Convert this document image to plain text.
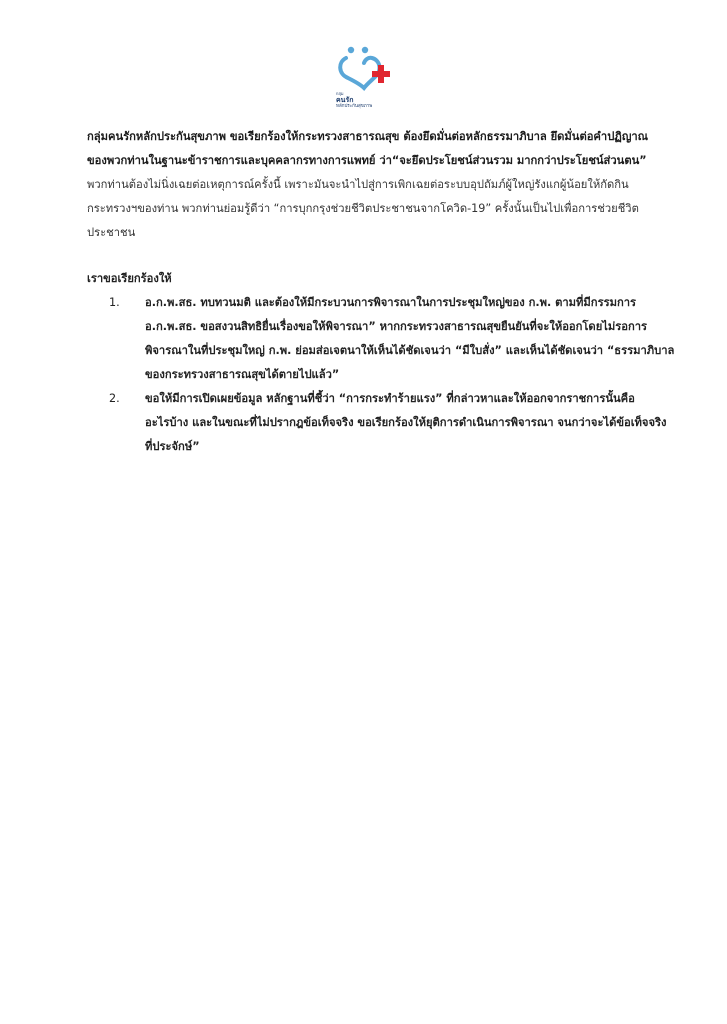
กลุ่ม
คนรัก
หลักประกันสุขภาพ

กลุ่มคนรักหลักประกันสุขภาพ ขอเรียกร้องให้กระทรวงสาธารณสุข ต้องยึดมั่นต่อหลักธรรมาภิบาล ยึดมั่นต่อคำปฏิญาณ

ของพวกท่านในฐานะข้าราชการและบุคคลากรทางการแพทย์ ว่า“จะยึดประโยชน์ส่วนรวม มากกว่าประโยชน์ส่วนตน”

พวกท่านต้องไม่นิ่งเฉยต่อเหตุการณ์ครั้งนี้ เพราะมันจะนำไปสู่การเพิกเฉยต่อระบบอุปถัมภ์ผู้ใหญ่รังแกผู้น้อยให้กัดกิน

กระทรวงฯของท่าน พวกท่านย่อมรู้ดีว่า “การบุกกรุงช่วยชีวิตประชาชนจากโควิด-19” ครั้งนั้นเป็นไปเพื่อการช่วยชีวิต

ประชาชน

เราขอเรียกร้องให้

1. อ.ก.พ.สธ. ทบทวนมติ และต้องให้มีกระบวนการพิจารณาในการประชุมใหญ่ของ ก.พ. ตามที่มีกรรมการ
อ.ก.พ.สธ. ขอสงวนสิทธิยื่นเรื่องขอให้พิจารณา” หากกระทรวงสาธารณสุขยืนยันที่จะให้ออกโดยไม่รอการ
พิจารณาในที่ประชุมใหญ่ ก.พ. ย่อมส่อเจตนาให้เห็นได้ชัดเจนว่า “มีใบสั่ง” และเห็นได้ชัดเจนว่า “ธรรมาภิบาล
ของกระทรวงสาธารณสุขได้ตายไปแล้ว”
2. ขอให้มีการเปิดเผยข้อมูล หลักฐานที่ชี้ว่า “การกระทำร้ายแรง” ที่กล่าวหาและให้ออกจากราชการนั้นคือ
อะไรบ้าง และในขณะที่ไม่ปรากฎข้อเท็จจริง ขอเรียกร้องให้ยุติการดำเนินการพิจารณา จนกว่าจะได้ข้อเท็จจริง
ที่ประจักษ์”
